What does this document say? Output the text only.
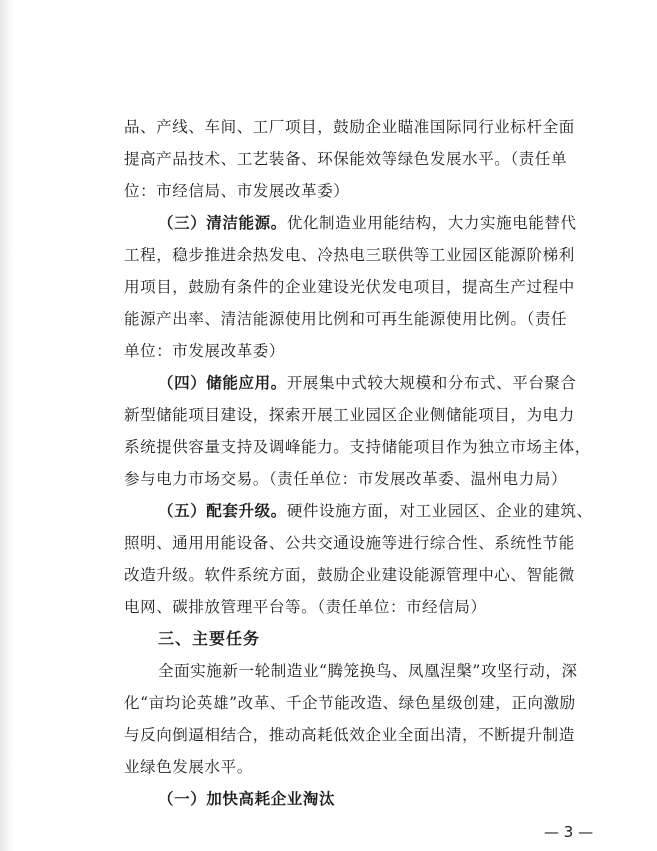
品、产线、车间、工厂项目，鼓励企业瞄准国际同行业标杆全面
提高产品技术、工艺装备、环保能效等绿色发展水平。（责任单
位：市经信局、市发展改革委）
（三）清洁能源。优化制造业用能结构，大力实施电能替代
工程，稳步推进余热发电、冷热电三联供等工业园区能源阶梯利
用项目，鼓励有条件的企业建设光伏发电项目，提高生产过程中
能源产出率、清洁能源使用比例和可再生能源使用比例。（责任
单位：市发展改革委）
（四）储能应用。开展集中式较大规模和分布式、平台聚合
新型储能项目建设，探索开展工业园区企业侧储能项目，为电力
系统提供容量支持及调峰能力。支持储能项目作为独立市场主体，
参与电力市场交易。（责任单位：市发展改革委、温州电力局）
（五）配套升级。硬件设施方面，对工业园区、企业的建筑、
照明、通用用能设备、公共交通设施等进行综合性、系统性节能
改造升级。软件系统方面，鼓励企业建设能源管理中心、智能微
电网、碳排放管理平台等。（责任单位：市经信局）
三、主要任务
全面实施新一轮制造业“腾笼换鸟、凤凰涅槃”攻坚行动，深
化“亩均论英雄”改革、千企节能改造、绿色星级创建，正向激励
与反向倒逼相结合，推动高耗低效企业全面出清，不断提升制造
业绿色发展水平。
（一）加快高耗企业淘汰
— 3 —
